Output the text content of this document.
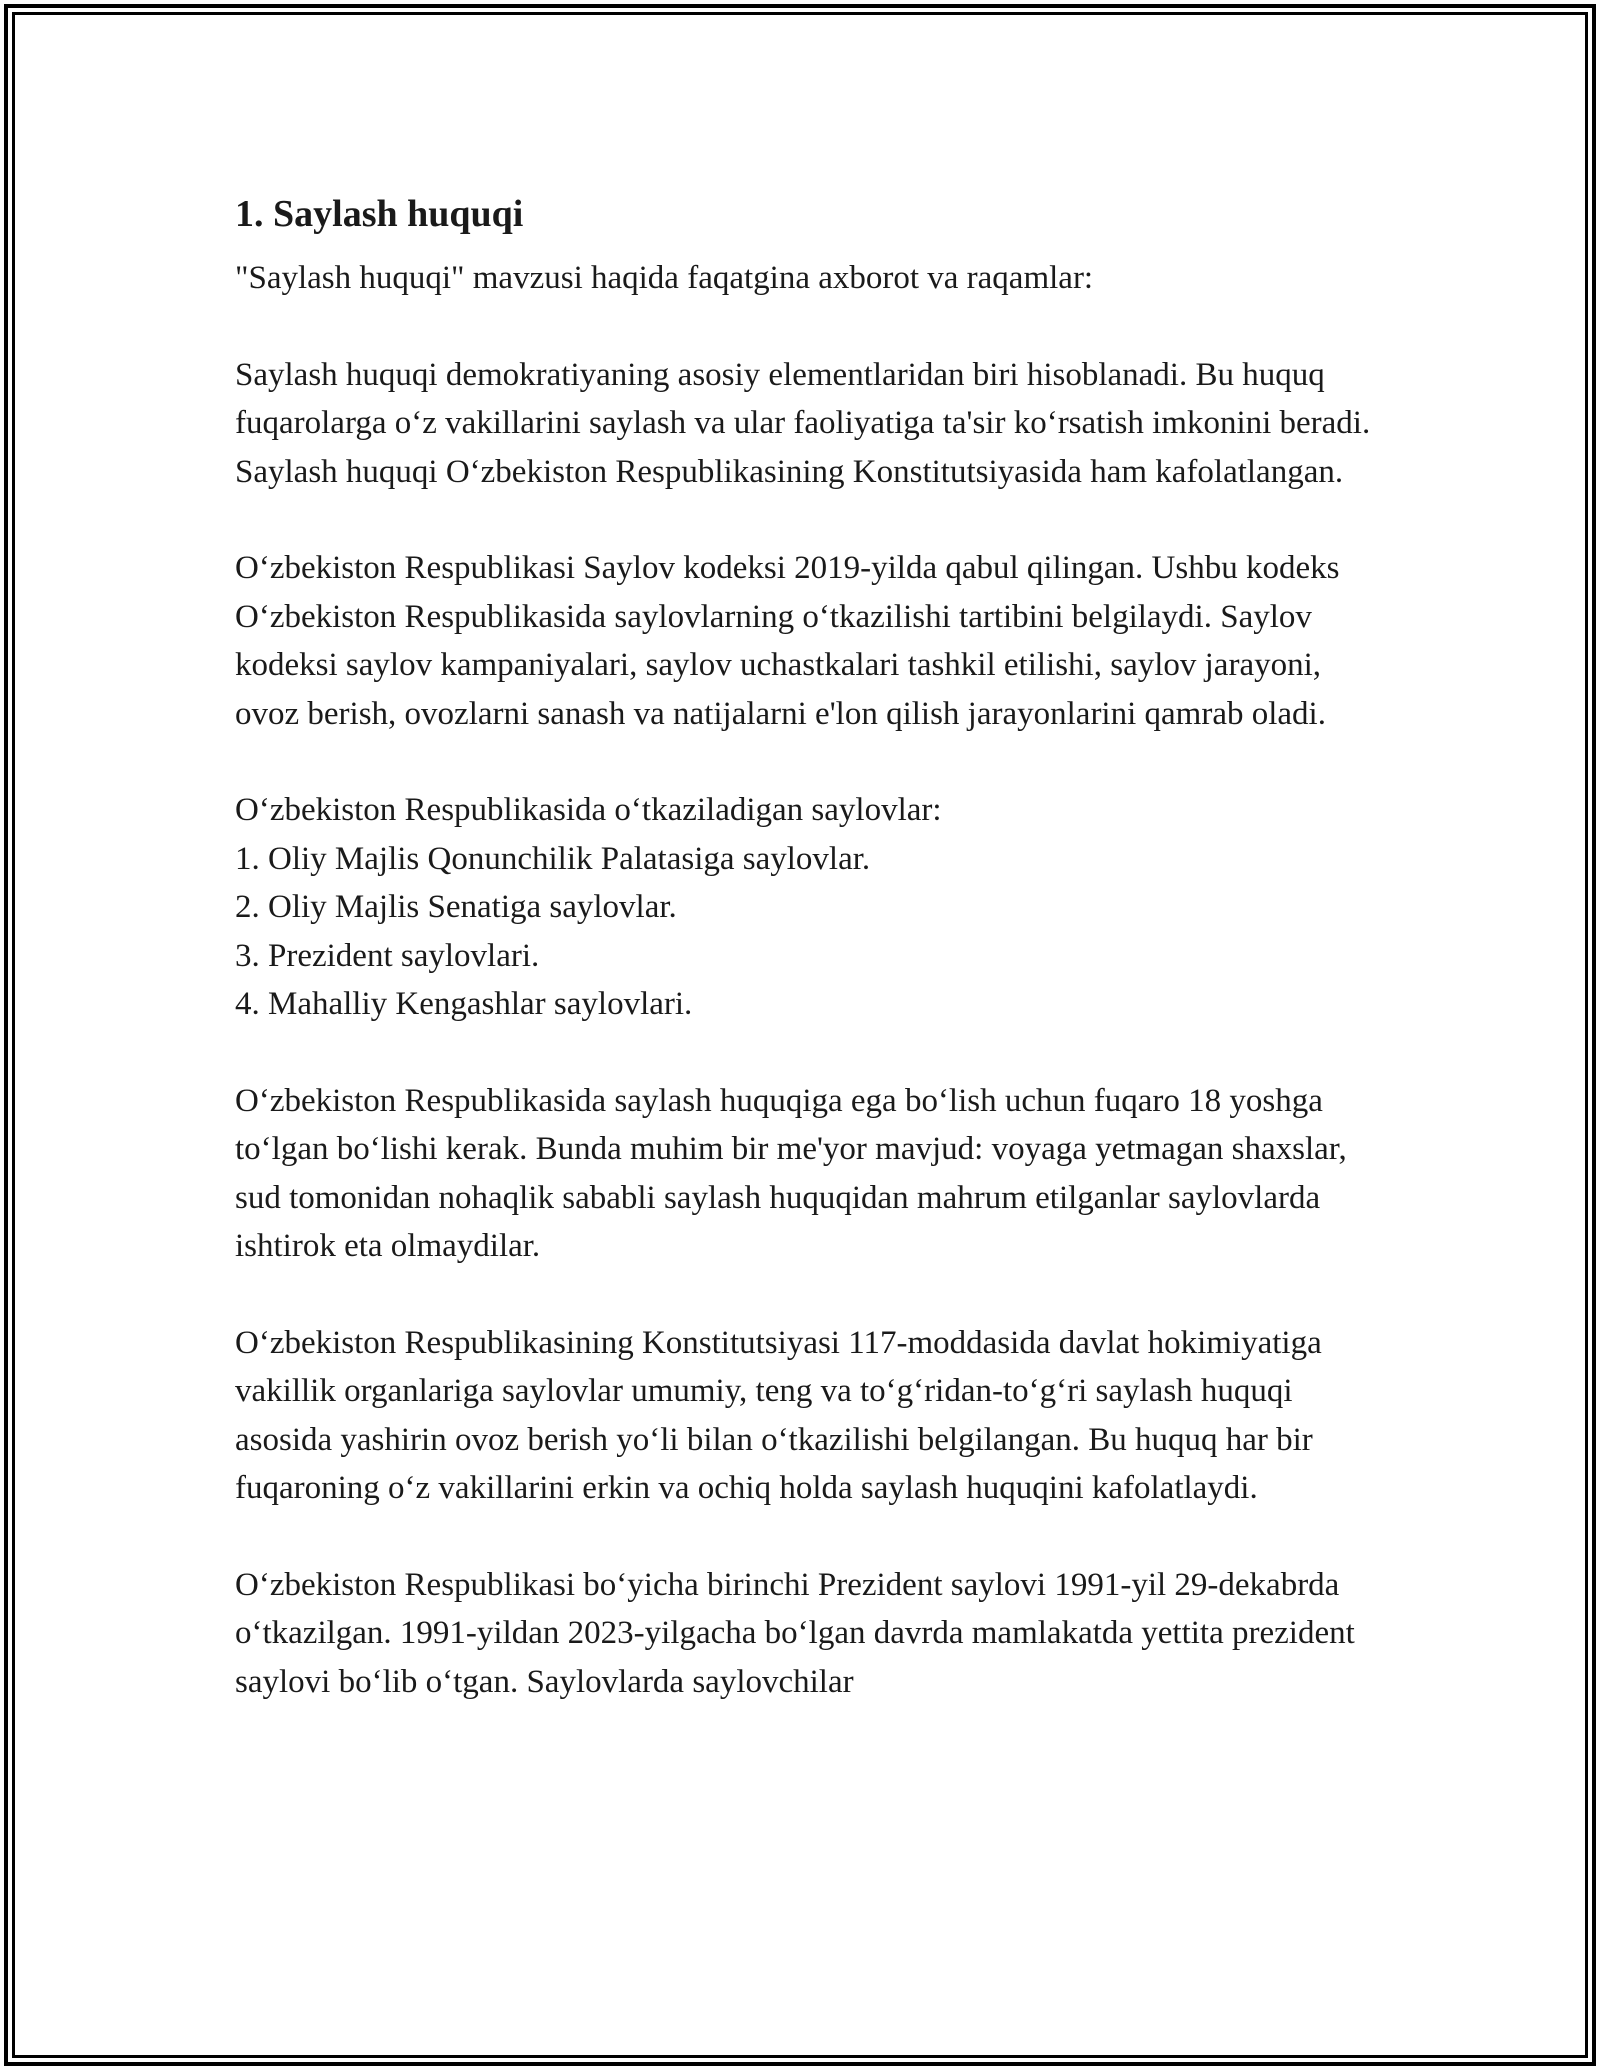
1. Saylash huquqi

"Saylash huquqi" mavzusi haqida faqatgina axborot va raqamlar:

Saylash huquqi demokratiyaning asosiy elementlaridan biri hisoblanadi. Bu huquq fuqarolarga o‘z vakillarini saylash va ular faoliyatiga ta'sir ko‘rsatish imkonini beradi. Saylash huquqi O‘zbekiston Respublikasining Konstitutsiyasida ham kafolatlangan.

O‘zbekiston Respublikasi Saylov kodeksi 2019-yilda qabul qilingan. Ushbu kodeks O‘zbekiston Respublikasida saylovlarning o‘tkazilishi tartibini belgilaydi. Saylov kodeksi saylov kampaniyalari, saylov uchastkalari tashkil etilishi, saylov jarayoni, ovoz berish, ovozlarni sanash va natijalarni e'lon qilish jarayonlarini qamrab oladi.

O‘zbekiston Respublikasida o‘tkaziladigan saylovlar:
1. Oliy Majlis Qonunchilik Palatasiga saylovlar.
2. Oliy Majlis Senatiga saylovlar.
3. Prezident saylovlari.
4. Mahalliy Kengashlar saylovlari.

O‘zbekiston Respublikasida saylash huquqiga ega bo‘lish uchun fuqaro 18 yoshga to‘lgan bo‘lishi kerak. Bunda muhim bir me'yor mavjud: voyaga yetmagan shaxslar, sud tomonidan nohaqlik sababli saylash huquqidan mahrum etilganlar saylovlarda ishtirok eta olmaydilar.

O‘zbekiston Respublikasining Konstitutsiyasi 117-moddasida davlat hokimiyatiga vakillik organlariga saylovlar umumiy, teng va to‘g‘ridan-to‘g‘ri saylash huquqi asosida yashirin ovoz berish yo‘li bilan o‘tkazilishi belgilangan. Bu huquq har bir fuqaroning o‘z vakillarini erkin va ochiq holda saylash huquqini kafolatlaydi.

O‘zbekiston Respublikasi bo‘yicha birinchi Prezident saylovi 1991-yil 29-dekabrda o‘tkazilgan. 1991-yildan 2023-yilgacha bo‘lgan davrda mamlakatda yettita prezident saylovi bo‘lib o‘tgan. Saylovlarda saylovchilar
